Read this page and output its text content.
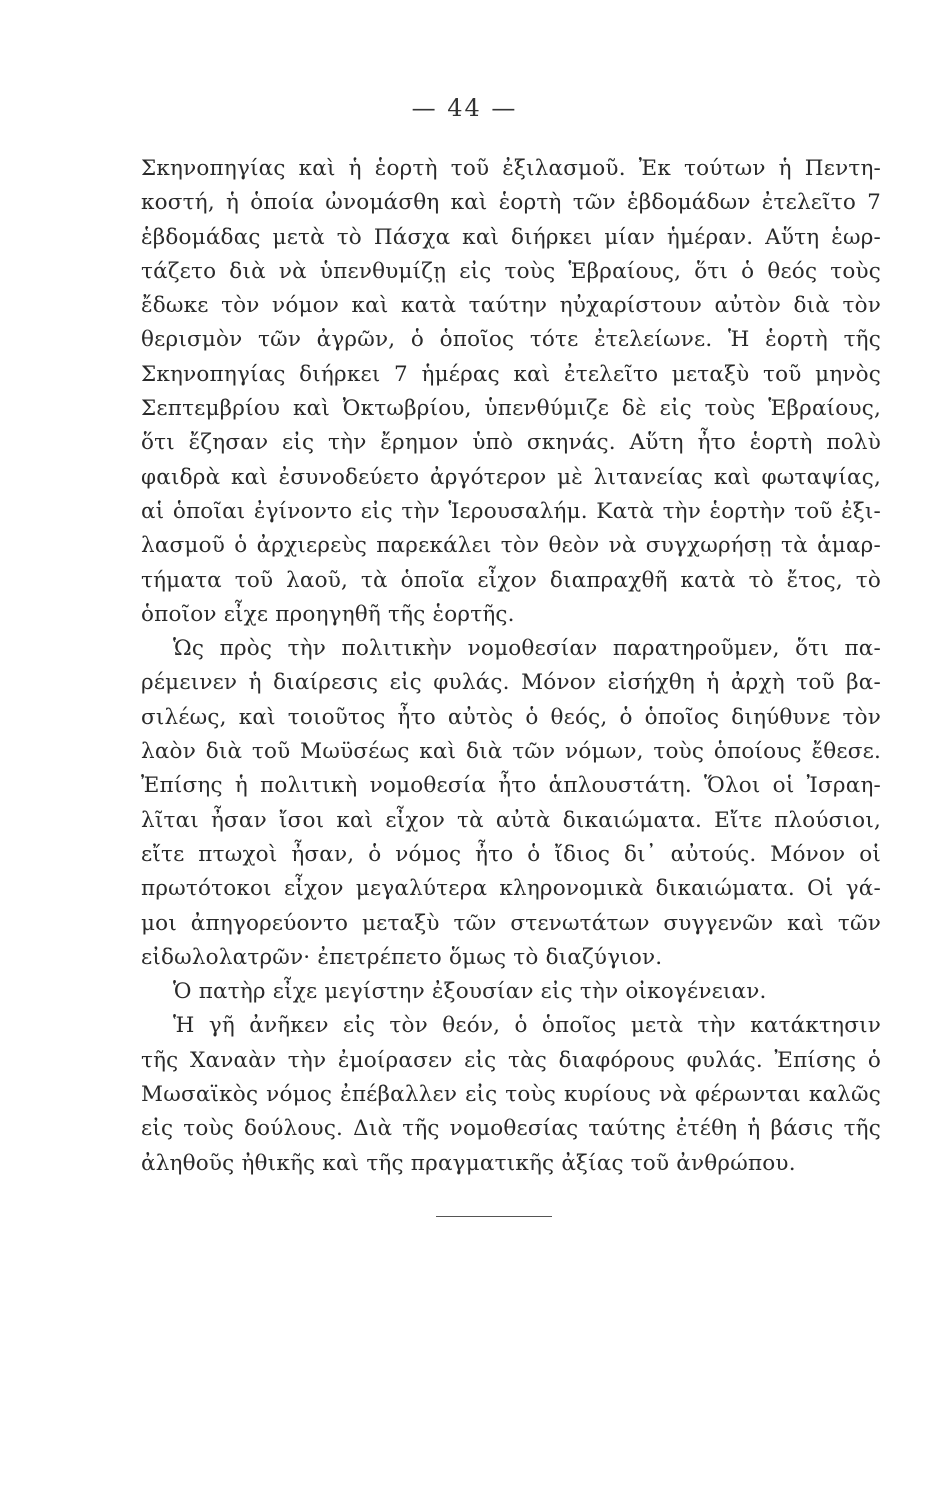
— 44 —
Σκηνοπηγίας καὶ ἡ ἑορτὴ τοῦ ἐξιλασμοῦ. Ἐκ τούτων ἡ Πεντη-
κοστή, ἡ ὁποία ὠνομάσθη καὶ ἑορτὴ τῶν ἑβδομάδων ἐτελεῖτο 7
ἑβδομάδας μετὰ τὸ Πάσχα καὶ διήρκει μίαν ἡμέραν. Αὕτη ἑωρ-
τάζετο διὰ νὰ ὑπενθυμίζῃ εἰς τοὺς Ἑβραίους, ὅτι ὁ θεός τοὺς
ἔδωκε τὸν νόμον καὶ κατὰ ταύτην ηὐχαρίστουν αὐτὸν διὰ τὸν
θερισμὸν τῶν ἀγρῶν, ὁ ὁποῖος τότε ἐτελείωνε. Ἡ ἑορτὴ τῆς
Σκηνοπηγίας διήρκει 7 ἡμέρας καὶ ἐτελεῖτο μεταξὺ τοῦ μηνὸς
Σεπτεμβρίου καὶ Ὀκτωβρίου, ὑπενθύμιζε δὲ εἰς τοὺς Ἑβραίους,
ὅτι ἔζησαν εἰς τὴν ἔρημον ὑπὸ σκηνάς. Αὕτη ἦτο ἑορτὴ πολὺ
φαιδρὰ καὶ ἐσυνοδεύετο ἀργότερον μὲ λιτανείας καὶ φωταψίας,
αἱ ὁποῖαι ἐγίνοντο εἰς τὴν Ἱερουσαλήμ. Κατὰ τὴν ἑορτὴν τοῦ ἐξι-
λασμοῦ ὁ ἀρχιερεὺς παρεκάλει τὸν θεὸν νὰ συγχωρήσῃ τὰ ἁμαρ-
τήματα τοῦ λαοῦ, τὰ ὁποῖα εἶχον διαπραχθῆ κατὰ τὸ ἔτος, τὸ
ὁποῖον εἶχε προηγηθῆ τῆς ἑορτῆς.
Ὡς πρὸς τὴν πολιτικὴν νομοθεσίαν παρατηροῦμεν, ὅτι πα-
ρέμεινεν ἡ διαίρεσις εἰς φυλάς. Μόνον εἰσήχθη ἡ ἀρχὴ τοῦ βα-
σιλέως, καὶ τοιοῦτος ἦτο αὐτὸς ὁ θεός, ὁ ὁποῖος διηύθυνε τὸν
λαὸν διὰ τοῦ Μωϋσέως καὶ διὰ τῶν νόμων, τοὺς ὁποίους ἔθεσε.
Ἐπίσης ἡ πολιτικὴ νομοθεσία ἦτο ἁπλουστάτη. Ὅλοι οἱ Ἰσραη-
λῖται ἦσαν ἴσοι καὶ εἶχον τὰ αὐτὰ δικαιώματα. Εἴτε πλούσιοι,
εἴτε πτωχοὶ ἦσαν, ὁ νόμος ἦτο ὁ ἴδιος δι᾽ αὐτούς. Μόνον οἱ
πρωτότοκοι εἶχον μεγαλύτερα κληρονομικὰ δικαιώματα. Οἱ γά-
μοι ἀπηγορεύοντο μεταξὺ τῶν στενωτάτων συγγενῶν καὶ τῶν
εἰδωλολατρῶν· ἐπετρέπετο ὅμως τὸ διαζύγιον.
Ὁ πατὴρ εἶχε μεγίστην ἐξουσίαν εἰς τὴν οἰκογένειαν.
Ἡ γῆ ἀνῆκεν εἰς τὸν θεόν, ὁ ὁποῖος μετὰ τὴν κατάκτησιν
τῆς Χαναὰν τὴν ἐμοίρασεν εἰς τὰς διαφόρους φυλάς. Ἐπίσης ὁ
Μωσαϊκὸς νόμος ἐπέβαλλεν εἰς τοὺς κυρίους νὰ φέρωνται καλῶς
εἰς τοὺς δούλους. Διὰ τῆς νομοθεσίας ταύτης ἐτέθη ἡ βάσις τῆς
ἀληθοῦς ἠθικῆς καὶ τῆς πραγματικῆς ἀξίας τοῦ ἀνθρώπου.
